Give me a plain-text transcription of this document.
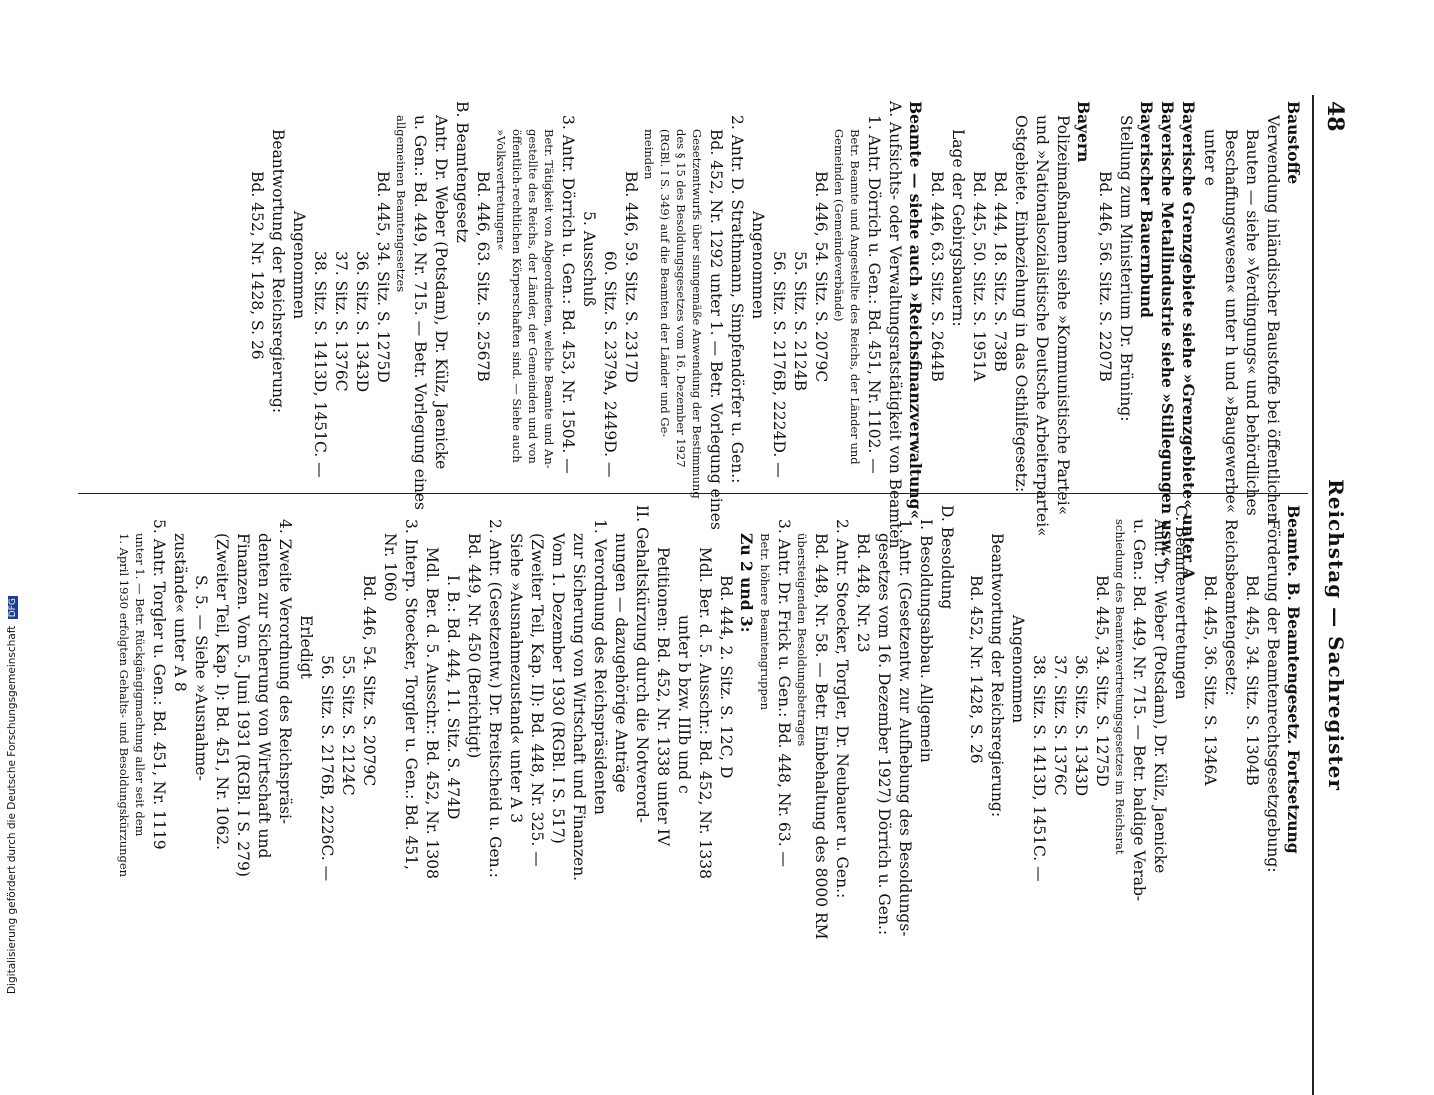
48
Reichstag — Sachregister

Baustoffe

Verwendung inländischer Baustoffe bei öffentlichen

Bauten — siehe »Verdingungs« und behördliches

Beschaffungswesen« unter h und »Baugewerbe«

unter e

Bayerische Grenzgebiete siehe »Grenzgebiete« unter A

Bayerische Metallindustrie siehe »Stillegungen usw.«

Bayerischer Bauernbund

Stellung zum Ministerium Dr. Brüning:

Bd. 446, 56. Sitz. S. 2207B

Bayern

Polizeimaßnahmen siehe »Kommunistische Partei«

und »Nationalsozialistische Deutsche Arbeiterpartei«

Ostgebiete. Einbeziehung in das Osthilfegesetz:

Bd. 444, 18. Sitz. S. 738B

Bd. 445, 50. Sitz. S. 1951A

Lage der Gebirgsbauern:

Bd. 446, 63. Sitz. S. 2644B

Beamte — siehe auch »Reichsfinanzverwaltung«

A. Aufsichts- oder Verwaltungsratstätigkeit von Beamten

1. Antr. Dörrich u. Gen.: Bd. 451, Nr. 1102. —

Betr. Beamte und Angestellte des Reichs, der Länder und

Gemeinden (Gemeindeverbände)

Bd. 446, 54. Sitz. S. 2079C

55. Sitz. S. 2124B

56. Sitz. S. 2176B, 2224D. —

Angenommen

2. Antr. D. Strathmann, Simpfendörfer u. Gen.:

Bd. 452, Nr. 1292 unter 1. — Betr. Vorlegung eines

Gesetzentwurfs über sinngemäße Anwendung der Bestimmung

des § 15 des Besoldungsgesetzes vom 16. Dezember 1927

(RGBl. I S. 349) auf die Beamten der Länder und Ge-

meinden

Bd. 446, 59. Sitz. S. 2317D

60. Sitz. S. 2379A, 2449D. —

5. Ausschuß

3. Antr. Dörrich u. Gen.: Bd. 453, Nr. 1504. —

Betr. Tätigkeit von Abgeordneten, welche Beamte und An-

gestellte des Reichs, der Länder, der Gemeinden und von

öffentlich-rechtlichen Körperschaften sind. — Siehe auch

»Volksvertretungen«

Bd. 446, 63. Sitz. S. 2567B

B. Beamtengesetz

Antr. Dr. Weber (Potsdam), Dr. Külz, Jaenicke

u. Gen.: Bd. 449, Nr. 715. — Betr. Vorlegung eines

allgemeinen Beamtengesetzes

Bd. 445, 34. Sitz. S. 1275D

36. Sitz. S. 1343D

37. Sitz. S. 1376C

38. Sitz. S. 1413D, 1451C. —

Angenommen

Beantwortung der Reichsregierung:

Bd. 452, Nr. 1428, S. 26

Beamte. B. Beamtengesetz. Fortsetzung

Förderung der Beamtenrechtsgesetzgebung:

Bd. 445, 34. Sitz. S. 1304B

Reichsbeamtengesetz:

Bd. 445, 36. Sitz. S. 1346A

C. Beamtenvertretungen

Antr. Dr. Weber (Potsdam), Dr. Külz, Jaenicke

u. Gen.: Bd. 449, Nr. 715. — Betr. baldige Verab-

schiedung des Beamtenvertretungsgesetzes im Reichsrat

Bd. 445, 34. Sitz. S. 1275D

36. Sitz. S. 1343D

37. Sitz. S. 1376C

38. Sitz. S. 1413D, 1451C. —

Angenommen

Beantwortung der Reichsregierung:

Bd. 452, Nr. 1428, S. 26

D. Besoldung

I. Besoldungsabbau. Allgemein

1. Antr. (Gesetzentw. zur Aufhebung des Besoldungs-

gesetzes vom 16. Dezember 1927) Dörrich u. Gen.:

Bd. 448, Nr. 23

2. Antr. Stoecker, Torgler, Dr. Neubauer u. Gen.:

Bd. 448, Nr. 58. — Betr. Einbehaltung des 8000 RM

übersteigenden Besoldungsbetrages

3. Antr. Dr. Frick u. Gen.: Bd. 448, Nr. 63. —

Betr. höhere Beamtengruppen

Zu 2 und 3:

Bd. 444, 2. Sitz. S. 12C, D

Mdl. Ber. d. 5. Ausschr.: Bd. 452, Nr. 1338

unter b bzw. IIIb und c

Petitionen: Bd. 452, Nr. 1338 unter IV

II. Gehaltskürzung durch die Notverord-

nungen — dazugehörige Anträge

1. Verordnung des Reichspräsidenten

zur Sicherung von Wirtschaft und Finanzen.

Vom 1. Dezember 1930 (RGBl. I S. 517)

(Zweiter Teil, Kap. II): Bd. 448, Nr. 325. —

Siehe »Ausnahmezustand« unter A 3

2. Antr. (Gesetzentw.) Dr. Breitscheid u. Gen.:

Bd. 449, Nr. 450 (Berichtigt)

I. B.: Bd. 444, 11. Sitz. S. 474D

Mdl. Ber. d. 5. Ausschr.: Bd. 452, Nr. 1308

3. Interp. Stoecker, Torgler u. Gen.: Bd. 451,

Nr. 1060

Bd. 446, 54. Sitz. S. 2079C

55. Sitz. S. 2124C

56. Sitz. S. 2176B, 2226C. —

Erledigt

4. Zweite Verordnung des Reichspräsi-

denten zur Sicherung von Wirtschaft und

Finanzen. Vom 5. Juni 1931 (RGBl. I S. 279)

(Zweiter Teil, Kap. I): Bd. 451, Nr. 1062.

S. 5. — Siehe »Ausnahme-

zustände« unter A 8

5. Antr. Torgler u. Gen.: Bd. 451, Nr. 1119

unter 1. — Betr. Rückgängigmachung aller seit dem

1. April 1930 erfolgten Gehalts- und Besoldungskürzungen

Digitalisierung gefördert durch die Deutsche Forschungsgemeinschaft DFG
